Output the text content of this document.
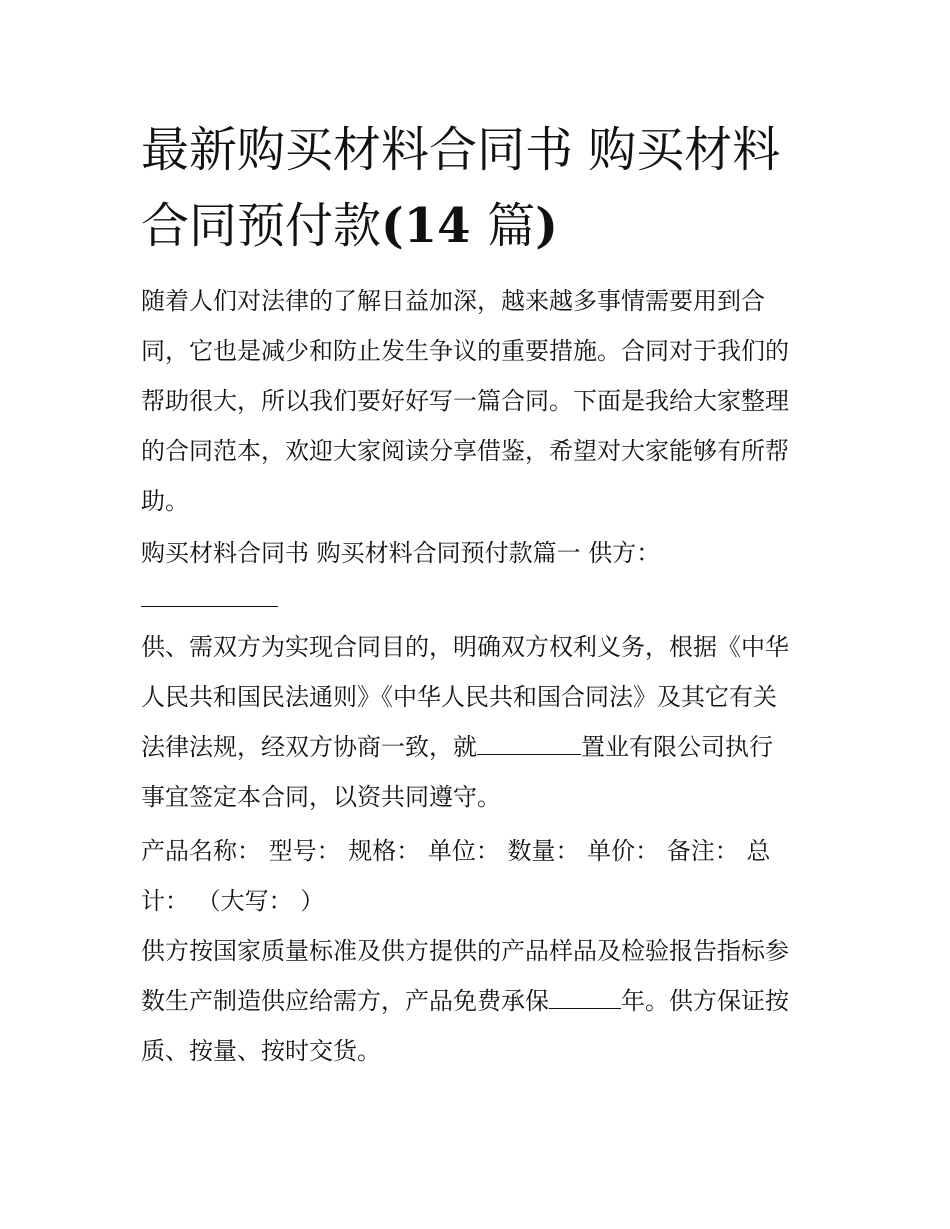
最新购买材料合同书 购买材料
合同预付款(14 篇)

随着人们对法律的了解日益加深，越来越多事情需要用到合
同，它也是减少和防止发生争议的重要措施。合同对于我们的
帮助很大，所以我们要好好写一篇合同。下面是我给大家整理
的合同范本，欢迎大家阅读分享借鉴，希望对大家能够有所帮
助。

购买材料合同书 购买材料合同预付款篇一 供方：

供、需双方为实现合同目的，明确双方权利义务，根据《中华
人民共和国民法通则》《中华人民共和国合同法》及其它有关
法律法规，经双方协商一致，就	置业有限公司执行
事宜签定本合同，以资共同遵守。

产品名称： 型号： 规格： 单位： 数量： 单价： 备注： 总
计： （大写： ）

供方按国家质量标准及供方提供的产品样品及检验报告指标参
数生产制造供应给需方，产品免费承保	年。供方保证按
质、按量、按时交货。
